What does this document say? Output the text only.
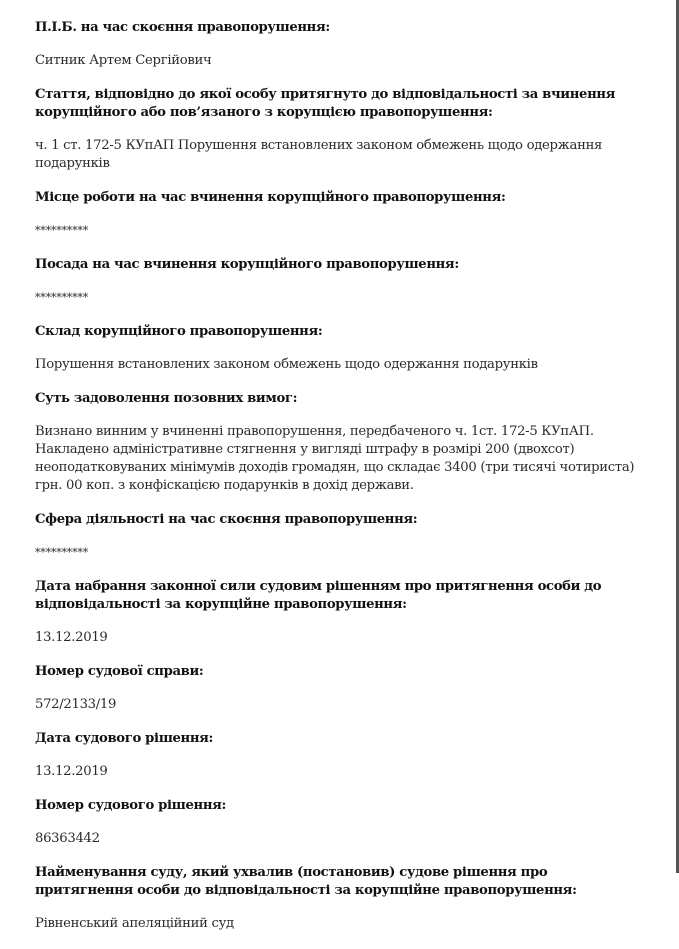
П.І.Б. на час скоєння правопорушення:
Ситник Артем Сергійович
Стаття, відповідно до якої особу притягнуто до відповідальності за вчинення корупційного або пов’язаного з корупцією правопорушення:
ч. 1 ст. 172-5 КУпАП Порушення встановлених законом обмежень щодо одержання подарунків
Місце роботи на час вчинення корупційного правопорушення:
**********
Посада на час вчинення корупційного правопорушення:
**********
Склад корупційного правопорушення:
Порушення встановлених законом обмежень щодо одержання подарунків
Суть задоволення позовних вимог:
Визнано винним у вчиненні правопорушення, передбаченого ч. 1ст. 172-5 КУпАП. Накладено адміністративне стягнення у вигляді штрафу в розмірі 200 (двохсот) неоподатковуваних мінімумів доходів громадян, що складає 3400 (три тисячі чотириста) грн. 00 коп. з конфіскацією подарунків в дохід держави.
Сфера діяльності на час скоєння правопорушення:
**********
Дата набрання законної сили судовим рішенням про притягнення особи до відповідальності за корупційне правопорушення:
13.12.2019
Номер судової справи:
572/2133/19
Дата судового рішення:
13.12.2019
Номер судового рішення:
86363442
Найменування суду, який ухвалив (постановив) судове рішення про притягнення особи до відповідальності за корупційне правопорушення:
Рівненський апеляційний суд
